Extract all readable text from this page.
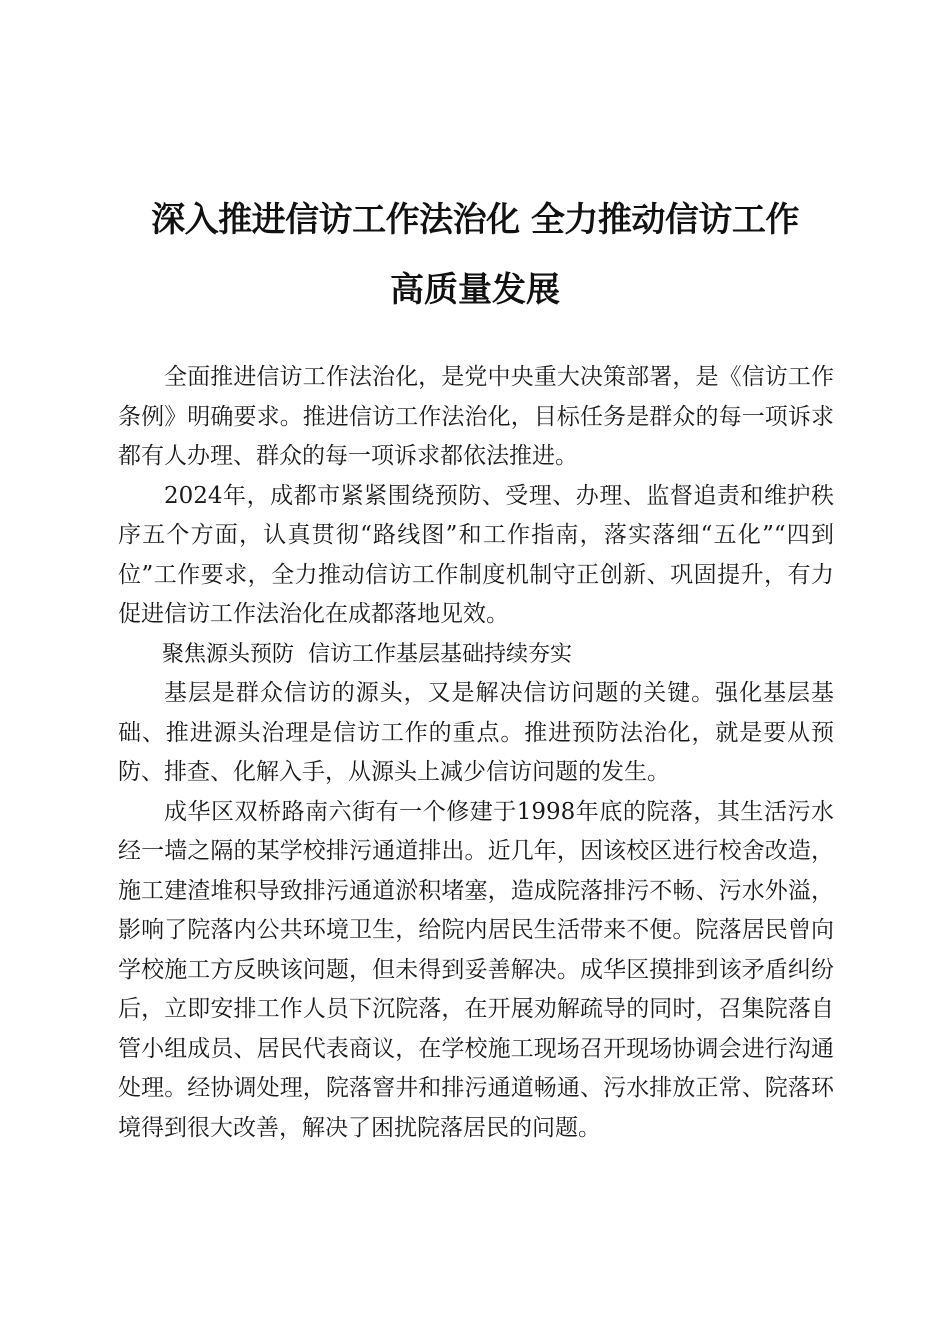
深入推进信访工作法治化 全力推动信访工作
高质量发展

全面推进信访工作法治化，是党中央重大决策部署，是《信访工作条例》明确要求。推进信访工作法治化，目标任务是群众的每一项诉求都有人办理、群众的每一项诉求都依法推进。

2024年，成都市紧紧围绕预防、受理、办理、监督追责和维护秩序五个方面，认真贯彻“路线图”和工作指南，落实落细“五化”“四到位”工作要求，全力推动信访工作制度机制守正创新、巩固提升，有力促进信访工作法治化在成都落地见效。

聚焦源头预防  信访工作基层基础持续夯实

基层是群众信访的源头，又是解决信访问题的关键。强化基层基础、推进源头治理是信访工作的重点。推进预防法治化，就是要从预防、排查、化解入手，从源头上减少信访问题的发生。

成华区双桥路南六街有一个修建于1998年底的院落，其生活污水经一墙之隔的某学校排污通道排出。近几年，因该校区进行校舍改造，施工建渣堆积导致排污通道淤积堵塞，造成院落排污不畅、污水外溢，影响了院落内公共环境卫生，给院内居民生活带来不便。院落居民曾向学校施工方反映该问题，但未得到妥善解决。成华区摸排到该矛盾纠纷后，立即安排工作人员下沉院落，在开展劝解疏导的同时，召集院落自管小组成员、居民代表商议，在学校施工现场召开现场协调会进行沟通处理。经协调处理，院落窨井和排污通道畅通、污水排放正常、院落环境得到很大改善，解决了困扰院落居民的问题。
